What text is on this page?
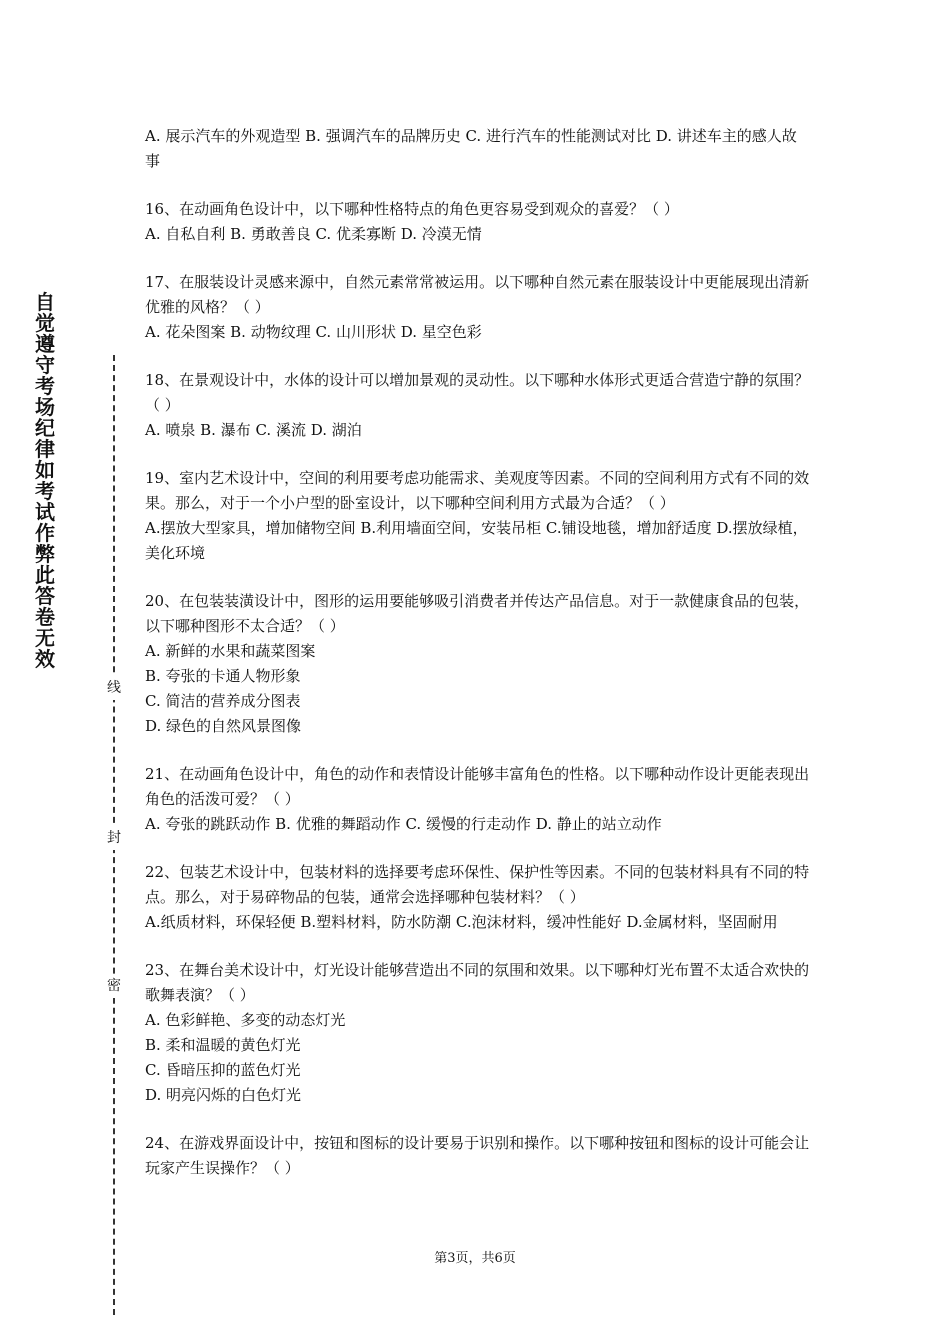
自觉遵守考场纪律如考试作弊此答卷无效
线
封
密

A. 展示汽车的外观造型 B. 强调汽车的品牌历史 C. 进行汽车的性能测试对比 D. 讲述车主的感人故事

16、在动画角色设计中，以下哪种性格特点的角色更容易受到观众的喜爱？（ ）

A. 自私自利 B. 勇敢善良 C. 优柔寡断 D. 冷漠无情

17、在服装设计灵感来源中，自然元素常常被运用。以下哪种自然元素在服装设计中更能展现出清新优雅的风格？（ ）

A. 花朵图案 B. 动物纹理 C. 山川形状 D. 星空色彩

18、在景观设计中，水体的设计可以增加景观的灵动性。以下哪种水体形式更适合营造宁静的氛围？（ ）

A. 喷泉 B. 瀑布 C. 溪流 D. 湖泊

19、室内艺术设计中，空间的利用要考虑功能需求、美观度等因素。不同的空间利用方式有不同的效果。那么，对于一个小户型的卧室设计，以下哪种空间利用方式最为合适？（ ）

A.摆放大型家具，增加储物空间 B.利用墙面空间，安装吊柜 C.铺设地毯，增加舒适度 D.摆放绿植，美化环境

20、在包装装潢设计中，图形的运用要能够吸引消费者并传达产品信息。对于一款健康食品的包装，以下哪种图形不太合适？（ ）

A. 新鲜的水果和蔬菜图案

B. 夸张的卡通人物形象

C. 简洁的营养成分图表

D. 绿色的自然风景图像

21、在动画角色设计中，角色的动作和表情设计能够丰富角色的性格。以下哪种动作设计更能表现出角色的活泼可爱？（ ）

A. 夸张的跳跃动作 B. 优雅的舞蹈动作 C. 缓慢的行走动作 D. 静止的站立动作

22、包装艺术设计中，包装材料的选择要考虑环保性、保护性等因素。不同的包装材料具有不同的特点。那么，对于易碎物品的包装，通常会选择哪种包装材料？（ ）

A.纸质材料，环保轻便 B.塑料材料，防水防潮 C.泡沫材料，缓冲性能好 D.金属材料，坚固耐用

23、在舞台美术设计中，灯光设计能够营造出不同的氛围和效果。以下哪种灯光布置不太适合欢快的歌舞表演？（ ）

A. 色彩鲜艳、多变的动态灯光

B. 柔和温暖的黄色灯光

C. 昏暗压抑的蓝色灯光

D. 明亮闪烁的白色灯光

24、在游戏界面设计中，按钮和图标的设计要易于识别和操作。以下哪种按钮和图标的设计可能会让玩家产生误操作？（ ）

第3页，共6页
